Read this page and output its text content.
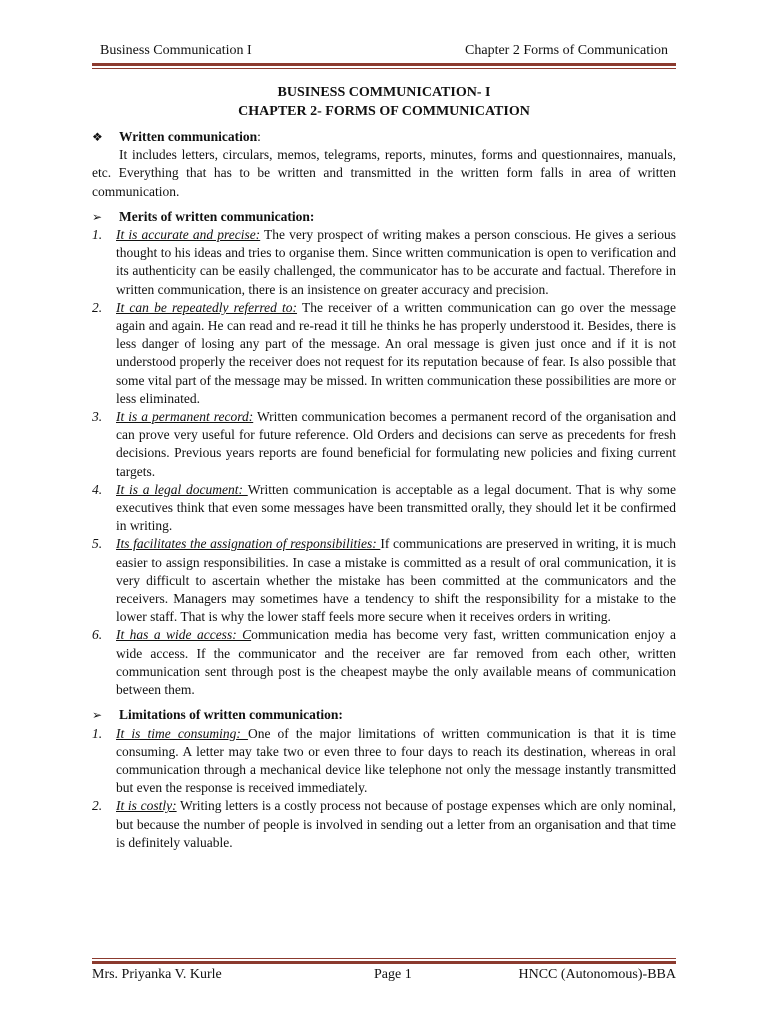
Business Communication I	Chapter 2 Forms of Communication
BUSINESS COMMUNICATION- I
CHAPTER 2- FORMS OF COMMUNICATION
❖	Written communication:

It includes letters, circulars, memos, telegrams, reports, minutes, forms and questionnaires, manuals, etc. Everything that has to be written and transmitted in the written form falls in area of written communication.

➢	Merits of written communication:
1. It is accurate and precise: The very prospect of writing makes a person conscious. He gives a serious thought to his ideas and tries to organise them. Since written communication is open to verification and its authenticity can be easily challenged, the communicator has to be accurate and factual. Therefore in written communication, there is an insistence on greater accuracy and precision.
2. It can be repeatedly referred to: The receiver of a written communication can go over the message again and again. He can read and re-read it till he thinks he has properly understood it. Besides, there is less danger of losing any part of the message. An oral message is given just once and if it is not understood properly the receiver does not request for its reputation because of fear. Is also possible that some vital part of the message may be missed. In written communication these possibilities are more or less eliminated.
3. It is a permanent record: Written communication becomes a permanent record of the organisation and can prove very useful for future reference. Old Orders and decisions can serve as precedents for fresh decisions. Previous years reports are found beneficial for formulating new policies and fixing current targets.
4. It is a legal document: Written communication is acceptable as a legal document. That is why some executives think that even some messages have been transmitted orally, they should let it be confirmed in writing.
5. Its facilitates the assignation of responsibilities: If communications are preserved in writing, it is much easier to assign responsibilities. In case a mistake is committed as a result of oral communication, it is very difficult to ascertain whether the mistake has been committed at the communicators and the receivers. Managers may sometimes have a tendency to shift the responsibility for a mistake to the lower staff. That is why the lower staff feels more secure when it receives orders in writing.
6. It has a wide access: Communication media has become very fast, written communication enjoy a wide access. If the communicator and the receiver are far removed from each other, written communication sent through post is the cheapest maybe the only available means of communication between them.
➢	Limitations of written communication:
1. It is time consuming: One of the major limitations of written communication is that it is time consuming. A letter may take two or even three to four days to reach its destination, whereas in oral communication through a mechanical device like telephone not only the message instantly transmitted but even the response is received immediately.
2. It is costly: Writing letters is a costly process not because of postage expenses which are only nominal, but because the number of people is involved in sending out a letter from an organisation and that time is definitely valuable.
Mrs. Priyanka V. Kurle	Page 1	HNCC (Autonomous)-BBA
